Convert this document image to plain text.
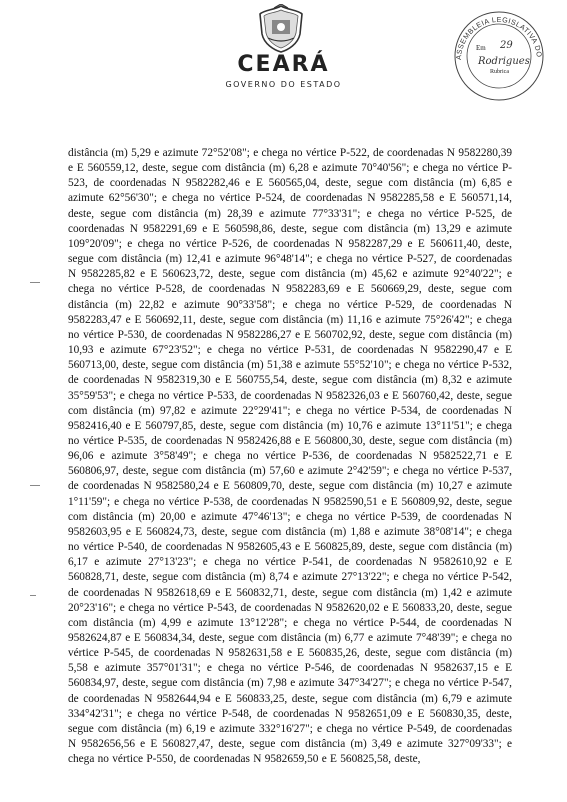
CEARÁ
GOVERNO DO ESTADO
ASSEMBLEIA LEGISLATIVA DO
Em 29
Rodrigues
Rubrica

distância (m) 5,29 e azimute 72°52'08"; e chega no vértice P-522, de coordenadas N 9582280,39 e E 560559,12, deste, segue com distância (m) 6,28 e azimute 70°40'56"; e chega no vértice P-523, de coordenadas N 9582282,46 e E 560565,04, deste, segue com distância (m) 6,85 e azimute 62°56'30"; e chega no vértice P-524, de coordenadas N 9582285,58 e E 560571,14, deste, segue com distância (m) 28,39 e azimute 77°33'31"; e chega no vértice P-525, de coordenadas N 9582291,69 e E 560598,86, deste, segue com distância (m) 13,29 e azimute 109°20'09"; e chega no vértice P-526, de coordenadas N 9582287,29 e E 560611,40, deste, segue com distância (m) 12,41 e azimute 96°48'14"; e chega no vértice P-527, de coordenadas N 9582285,82 e E 560623,72, deste, segue com distância (m) 45,62 e azimute 92°40'22"; e chega no vértice P-528, de coordenadas N 9582283,69 e E 560669,29, deste, segue com distância (m) 22,82 e azimute 90°33'58"; e chega no vértice P-529, de coordenadas N 9582283,47 e E 560692,11, deste, segue com distância (m) 11,16 e azimute 75°26'42"; e chega no vértice P-530, de coordenadas N 9582286,27 e E 560702,92, deste, segue com distância (m) 10,93 e azimute 67°23'52"; e chega no vértice P-531, de coordenadas N 9582290,47 e E 560713,00, deste, segue com distância (m) 51,38 e azimute 55°52'10"; e chega no vértice P-532, de coordenadas N 9582319,30 e E 560755,54, deste, segue com distância (m) 8,32 e azimute 35°59'53"; e chega no vértice P-533, de coordenadas N 9582326,03 e E 560760,42, deste, segue com distância (m) 97,82 e azimute 22°29'41"; e chega no vértice P-534, de coordenadas N 9582416,40 e E 560797,85, deste, segue com distância (m) 10,76 e azimute 13°11'51"; e chega no vértice P-535, de coordenadas N 9582426,88 e E 560800,30, deste, segue com distância (m) 96,06 e azimute 3°58'49"; e chega no vértice P-536, de coordenadas N 9582522,71 e E 560806,97, deste, segue com distância (m) 57,60 e azimute 2°42'59"; e chega no vértice P-537, de coordenadas N 9582580,24 e E 560809,70, deste, segue com distância (m) 10,27 e azimute 1°11'59"; e chega no vértice P-538, de coordenadas N 9582590,51 e E 560809,92, deste, segue com distância (m) 20,00 e azimute 47°46'13"; e chega no vértice P-539, de coordenadas N 9582603,95 e E 560824,73, deste, segue com distância (m) 1,88 e azimute 38°08'14"; e chega no vértice P-540, de coordenadas N 9582605,43 e E 560825,89, deste, segue com distância (m) 6,17 e azimute 27°13'23"; e chega no vértice P-541, de coordenadas N 9582610,92 e E 560828,71, deste, segue com distância (m) 8,74 e azimute 27°13'22"; e chega no vértice P-542, de coordenadas N 9582618,69 e E 560832,71, deste, segue com distância (m) 1,42 e azimute 20°23'16"; e chega no vértice P-543, de coordenadas N 9582620,02 e E 560833,20, deste, segue com distância (m) 4,99 e azimute 13°12'28"; e chega no vértice P-544, de coordenadas N 9582624,87 e E 560834,34, deste, segue com distância (m) 6,77 e azimute 7°48'39"; e chega no vértice P-545, de coordenadas N 9582631,58 e E 560835,26, deste, segue com distância (m) 5,58 e azimute 357°01'31"; e chega no vértice P-546, de coordenadas N 9582637,15 e E 560834,97, deste, segue com distância (m) 7,98 e azimute 347°34'27"; e chega no vértice P-547, de coordenadas N 9582644,94 e E 560833,25, deste, segue com distância (m) 6,79 e azimute 334°42'31"; e chega no vértice P-548, de coordenadas N 9582651,09 e E 560830,35, deste, segue com distância (m) 6,19 e azimute 332°16'27"; e chega no vértice P-549, de coordenadas N 9582656,56 e E 560827,47, deste, segue com distância (m) 3,49 e azimute 327°09'33"; e chega no vértice P-550, de coordenadas N 9582659,50 e E 560825,58, deste,
